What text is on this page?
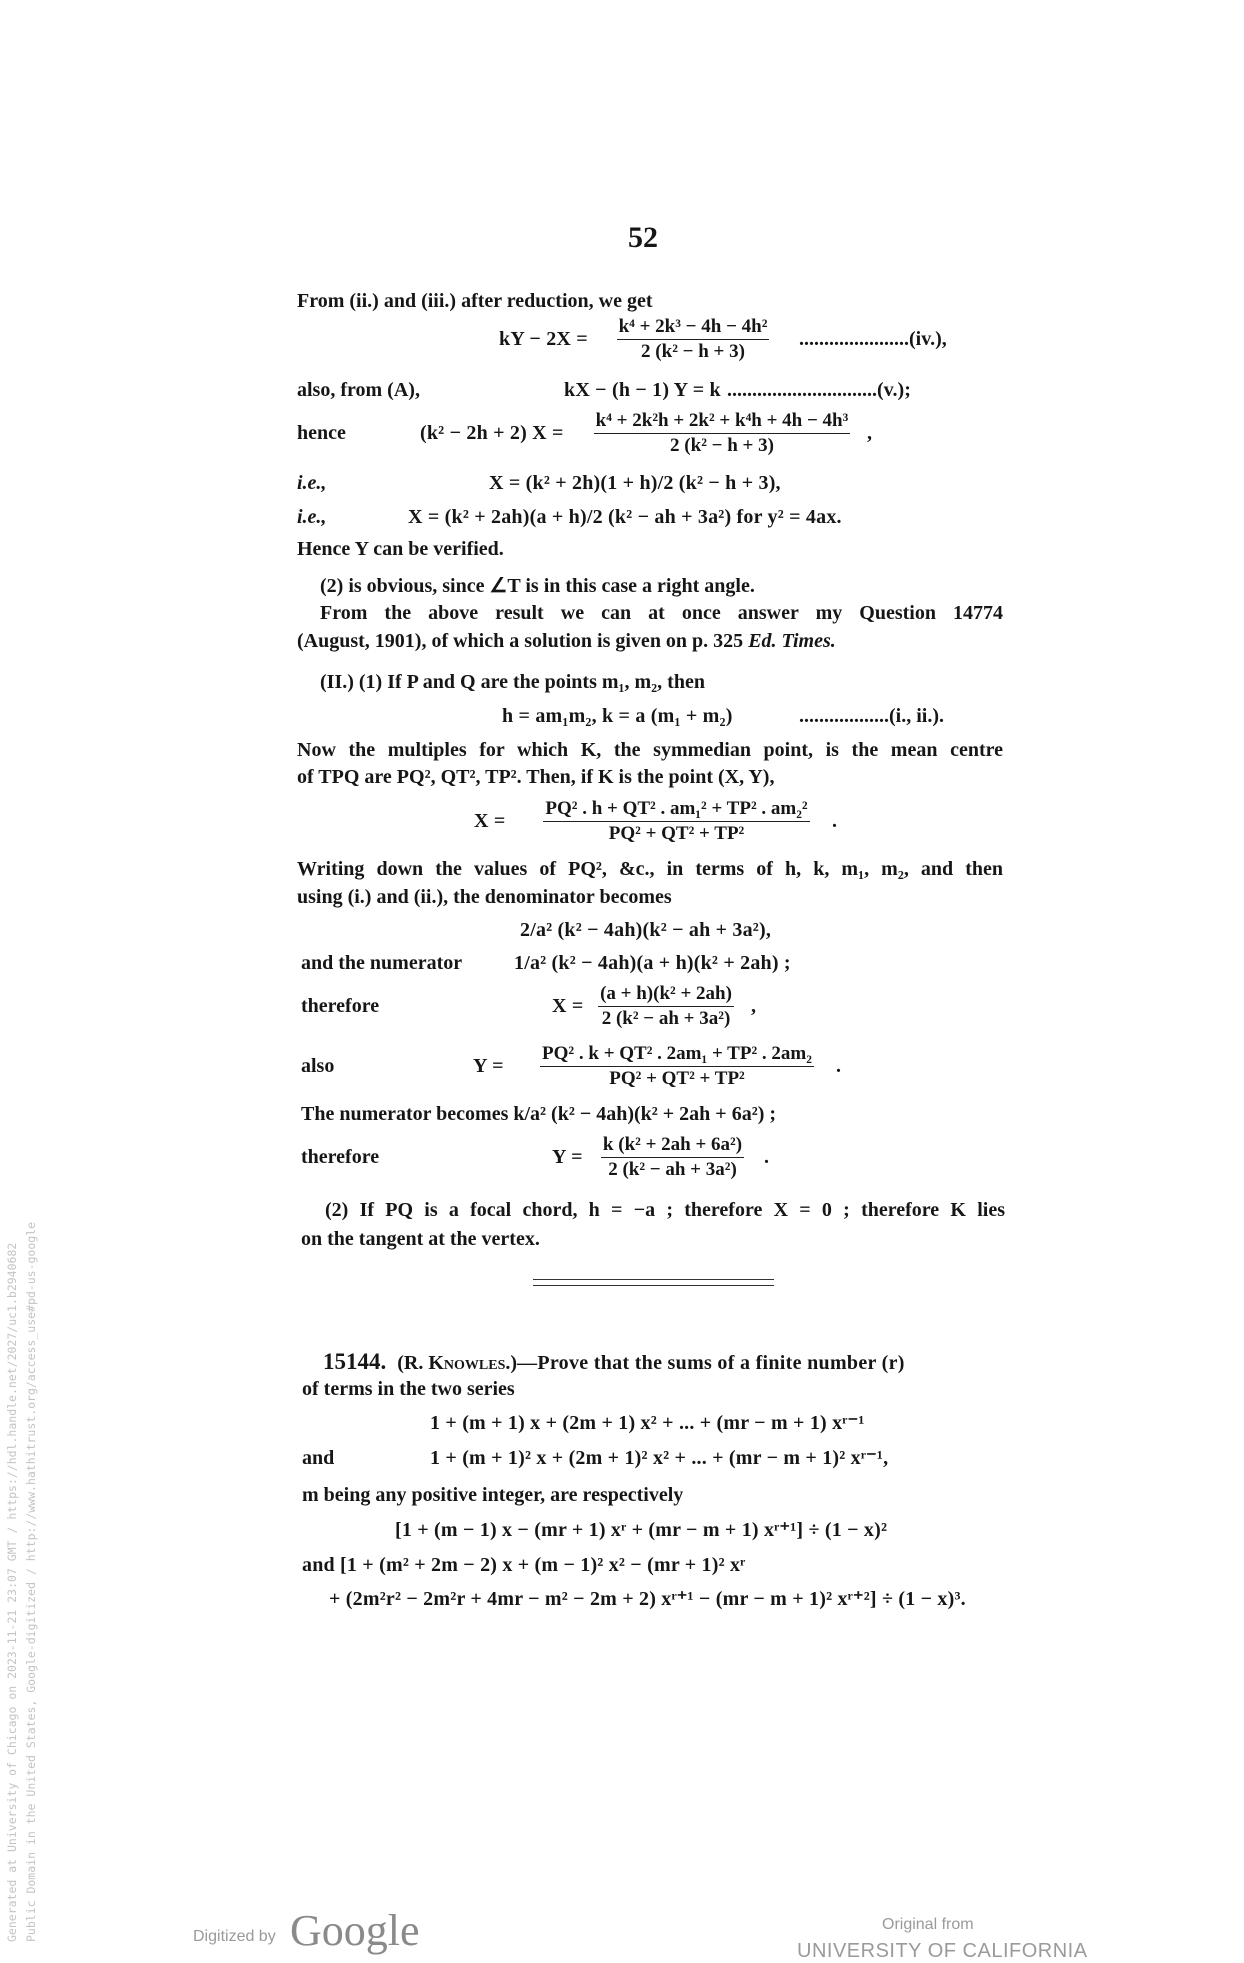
52
From (ii.) and (iii.) after reduction, we get
kY − $2X = \frac{\text{k⁴ + 2k³ − 4h − 4h²}}{\text{2 (k² − h + 3)}} ......................(iv.)$,
also, from (A),	kX − (h − 1) Y = k ..............................(v.);
hence	(k² − 2h + 2) $X = \frac{\text{k⁴ + 2k²h + 2k² + k⁴h + 4h − 4h³}}{\text{2 (k² − h + 3)}}$ ,
i.e.,	X = (k² + 2h)(1 + h)/2 (k² − h + 3),
i.e.,	X = (k² + 2ah)(a + h)/2 (k² − ah + 3a²) for y² = 4ax.
Hence Y can be verified.
(2) is obvious, since ∠T is in this case a right angle.
From the above result we can at once answer my Question 14774
(August, 1901), of which a solution is given on p. 325 Ed. Times.
(II.) (1) If P and Q are the points m₁, m₂, then
h = am₁m₂, k = a (m₁ + m₂)	..................(i., ii.).
Now the multiples for which K, the symmedian point, is the mean centre
of TPQ are PQ², QT², TP². Then, if K is the point (X, Y),
$X = \frac{\text{PQ² . h + QT² . am₁² + TP² . am₂²}}{\text{PQ² + QT² + TP²}}$ .
Writing down the values of PQ², &c., in terms of h, k, m₁, m₂, and then
using (i.) and (ii.), the denominator becomes
2/a² (k² − 4ah)(k² − ah + 3a²),
and the numerator	1/a² (k² − 4ah)(a + h)(k² + 2ah) ;
therefore	$X = \frac{\text{(a + h)(k² + 2ah)}}{\text{2 (k² − ah + 3a²)}}$ ,
also	$Y = \frac{\text{PQ² . k + QT² . 2am₁ + TP² . 2am₂}}{\text{PQ² + QT² + TP²}}$ .
The numerator becomes k/a² (k² − 4ah)(k² + 2ah + 6a²) ;
therefore	$Y = \frac{\text{k (k² + 2ah + 6a²)}}{\text{2 (k² − ah + 3a²)}}$ .
(2) If PQ is a focal chord, h = −a ; therefore X = 0 ; therefore K lies
on the tangent at the vertex.
15144. (R. Knowles.)—Prove that the sums of a finite number (r)
of terms in the two series
1 + (m + 1) x + (2m + 1) x² + ... + (mr − m + 1) xʳ⁻¹
and	1 + (m + 1)² x + (2m + 1)² x² + ... + (mr − m + 1)² xʳ⁻¹,
m being any positive integer, are respectively
[1 + (m − 1) x − (mr + 1) xʳ + (mr − m + 1) xʳ⁺¹] ÷ (1 − x)²
and [1 + (m² + 2m − 2) x + (m − 1)² x² − (mr + 1)² xʳ
+ (2m²r² − 2m²r + 4mr − m² − 2m + 2) xʳ⁺¹ − (mr − m + 1)² xʳ⁺²] ÷ (1 − x)³.
Generated at University of Chicago on 2023-11-21 23:07 GMT / https://hdl.handle.net/2027/uc1.b2940682 Public Domain in the United States, Google-digitized / http://www.hathitrust.org/access_use#pd-us-google	Digitized by Google	Original from
UNIVERSITY OF CALIFORNIA
